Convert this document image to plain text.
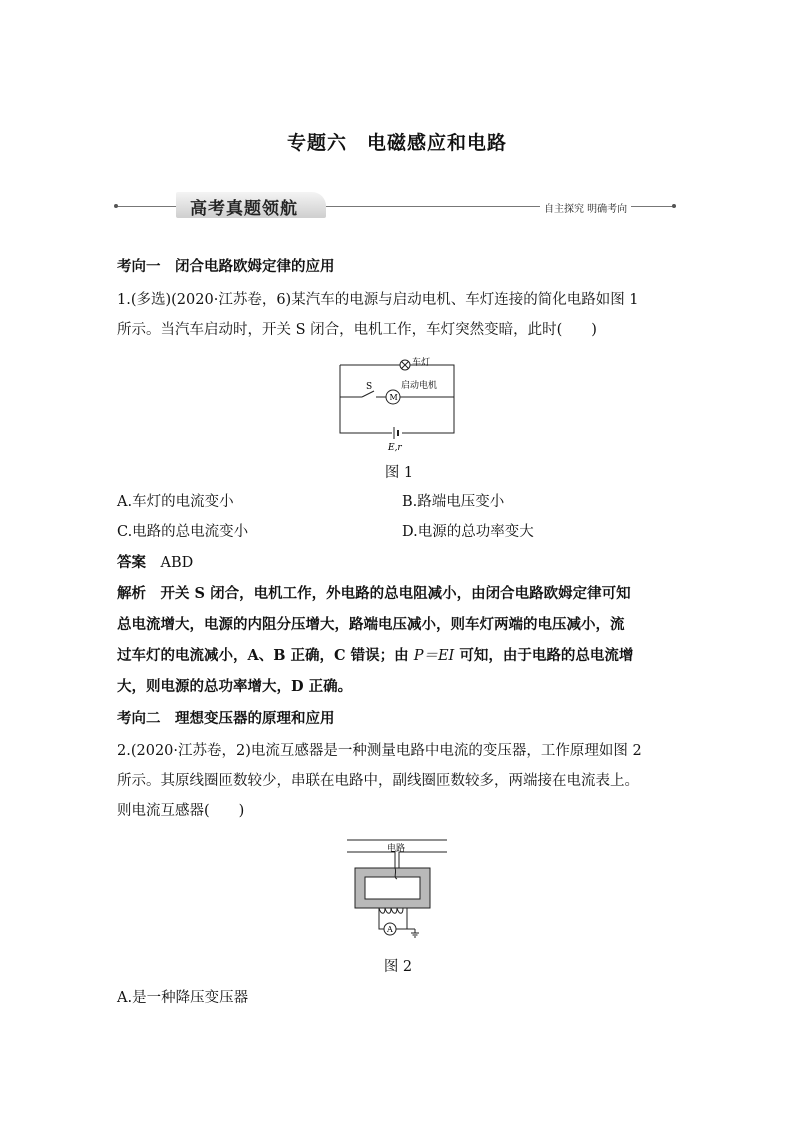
专题六　电磁感应和电路
高考真题领航	自主探究 明确考向
考向一　闭合电路欧姆定律的应用
1.(多选)(2020·江苏卷，6)某汽车的电源与启动电机、车灯连接的简化电路如图 1
所示。当汽车启动时，开关 S 闭合，电机工作，车灯突然变暗，此时(　　)
车灯
S	启动电机
M
E,r
图 1
A.车灯的电流变小	B.路端电压变小
C.电路的总电流变小	D.电源的总功率变大
答案　 ABD
解析　 开关 S 闭合，电机工作，外电路的总电阻减小，由闭合电路欧姆定律可知
总电流增大，电源的内阻分压增大，路端电压减小，则车灯两端的电压减小，流
过车灯的电流减小，A、B 正确，C 错误；由 P＝EI 可知，由于电路的总电流增
大，则电源的总功率增大，D 正确。
考向二　理想变压器的原理和应用
2.(2020·江苏卷，2)电流互感器是一种测量电路中电流的变压器，工作原理如图 2
所示。其原线圈匝数较少，串联在电路中，副线圈匝数较多，两端接在电流表上。
则电流互感器(　　)
电路
A
图 2
A.是一种降压变压器
